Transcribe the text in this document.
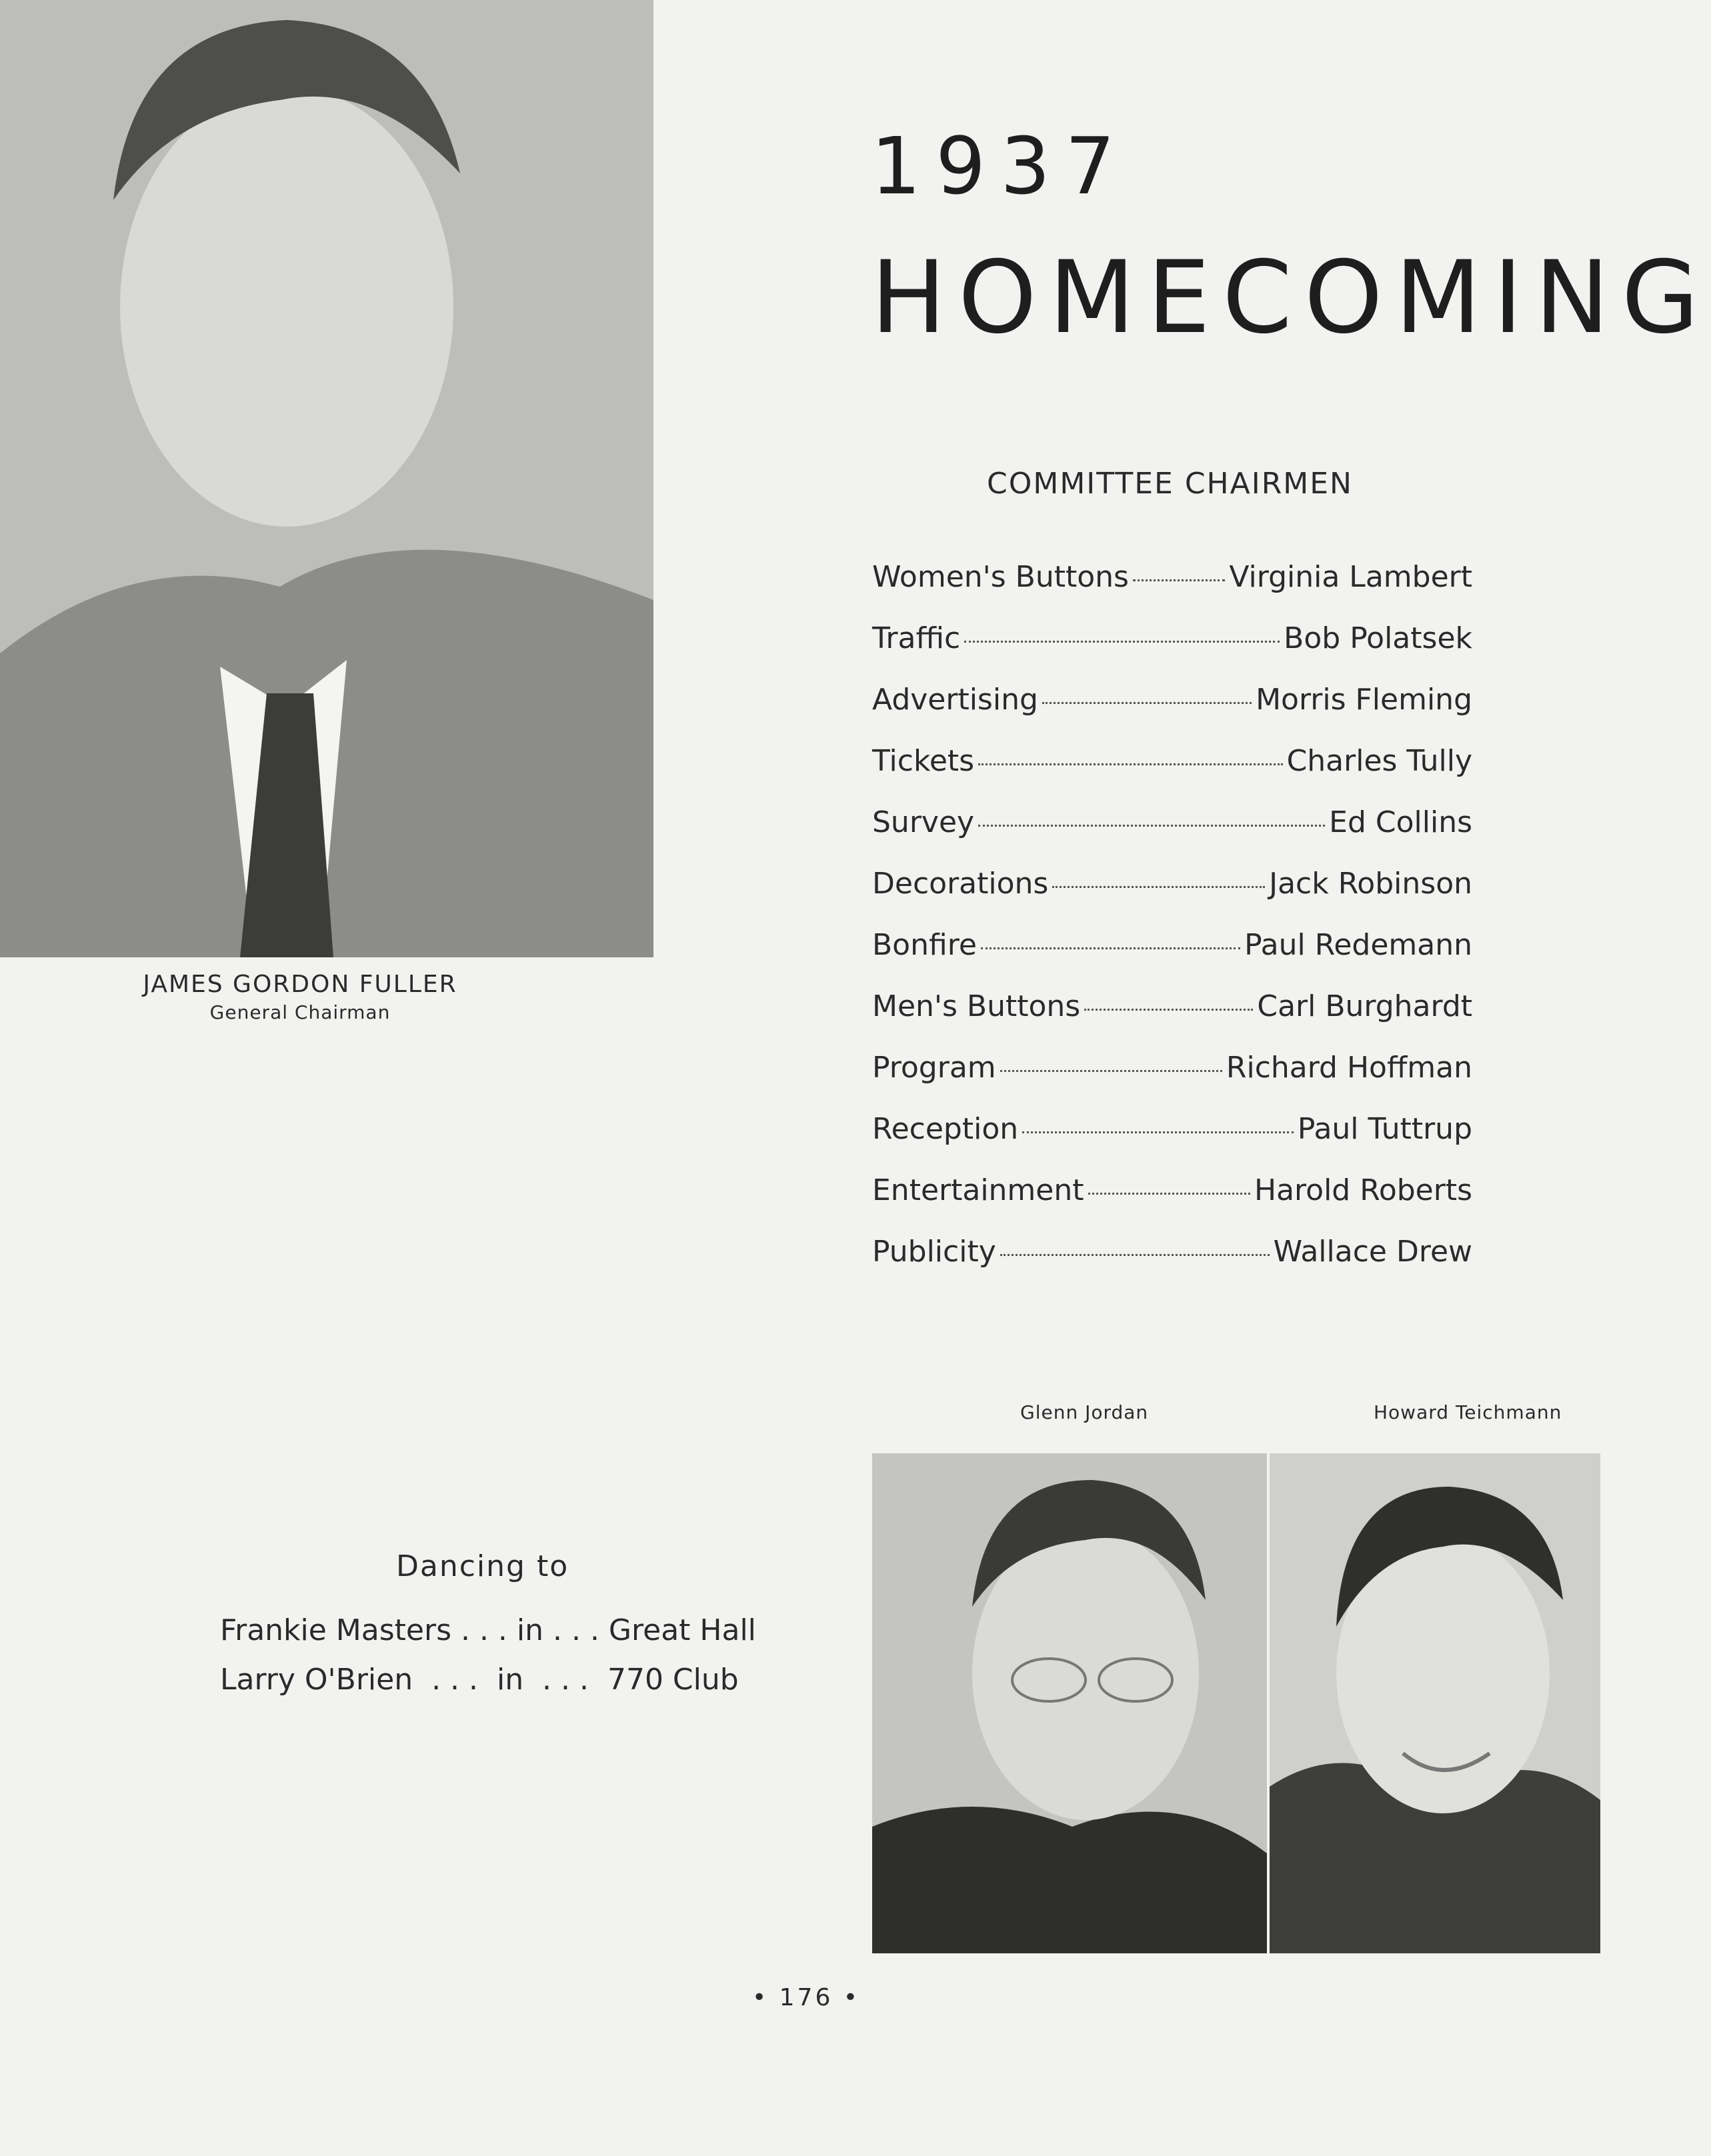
JAMES GORDON FULLER
General Chairman
1937
HOMECOMING
COMMITTEE CHAIRMEN
Women's Buttons	Virginia Lambert
Traffic	Bob Polatsek
Advertising	Morris Fleming
Tickets	Charles Tully
Survey	Ed Collins
Decorations	Jack Robinson
Bonfire	Paul Redemann
Men's Buttons	Carl Burghardt
Program	Richard Hoffman
Reception	Paul Tuttrup
Entertainment	Harold Roberts
Publicity	Wallace Drew
Glenn Jordan	Howard Teichmann
Dancing to
Frankie Masters . . . in . . . Great Hall
Larry O'Brien  . . .  in  . . .  770 Club
• 176 •
